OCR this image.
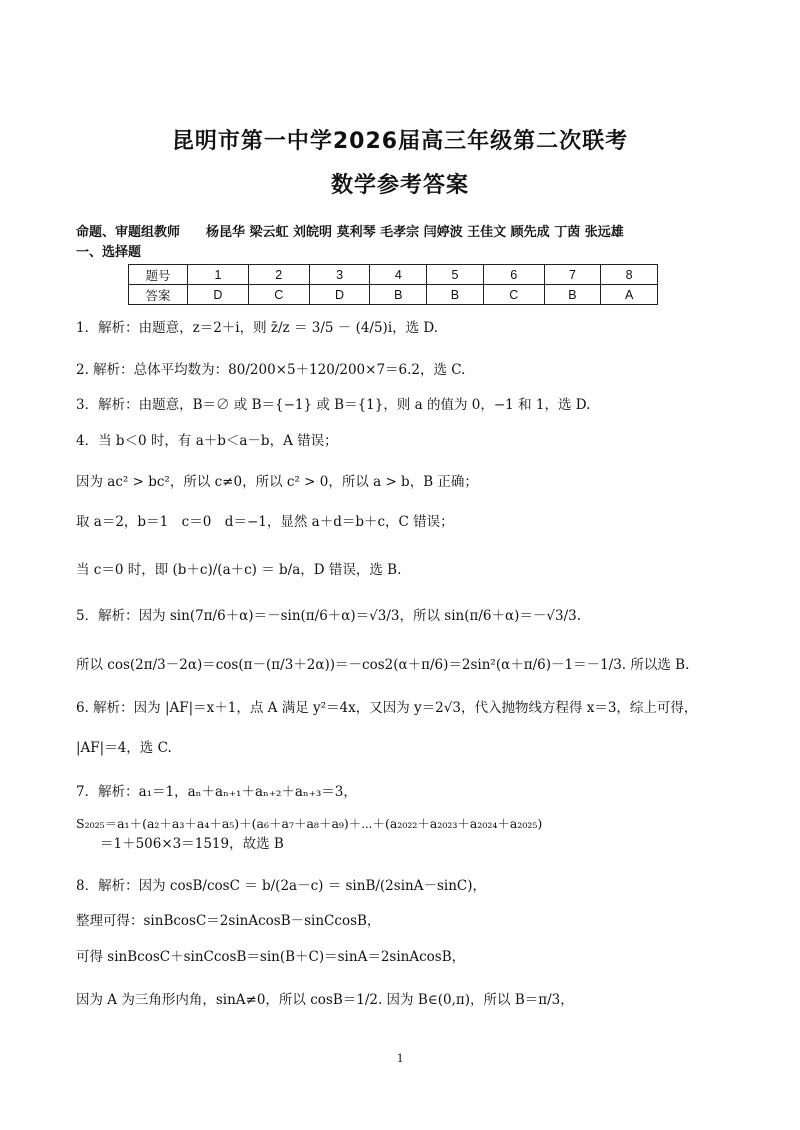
昆明市第一中学2026届高三年级第二次联考
数学参考答案
命题、审题组教师　　杨昆华 梁云虹 刘皖明 莫利琴 毛孝宗 闫婷波 王佳文 顾先成 丁茵 张远雄
一、选择题
题号	1	2	3	4	5	6	7	8
答案	D	C	D	B	B	C	B	A
1．解析：由题意，z＝2＋i，则 z̄/z ＝ 3/5 － (4/5)i，选 D.
2. 解析：总体平均数为：80/200×5＋120/200×7＝6.2，选 C.
3．解析：由题意，B＝∅ 或 B＝{−1} 或 B＝{1}，则 a 的值为 0，−1 和 1，选 D.
4．当 b＜0 时，有 a＋b＜a－b，A 错误；
因为 ac² > bc²，所以 c≠0，所以 c² > 0，所以 a > b，B 正确；
取 a＝2，b＝1　c＝0　d＝−1，显然 a＋d＝b＋c，C 错误；
当 c＝0 时，即 (b＋c)/(a＋c) ＝ b/a，D 错误，选 B.
5．解析：因为 sin(7π/6＋α)＝－sin(π/6＋α)＝√3/3，所以 sin(π/6＋α)＝－√3/3.
所以 cos(2π/3－2α)＝cos(π－(π/3＋2α))＝－cos2(α＋π/6)＝2sin²(α＋π/6)－1＝－1/3. 所以选 B.
6. 解析：因为 |AF|＝x＋1，点 A 满足 y²＝4x，又因为 y＝2√3，代入抛物线方程得 x＝3，综上可得，
|AF|＝4，选 C.
7．解析：a₁＝1，aₙ＋aₙ₊₁＋aₙ₊₂＋aₙ₊₃＝3，
S₂₀₂₅＝a₁＋(a₂＋a₃＋a₄＋a₅)＋(a₆＋a₇＋a₈＋a₉)＋⋯＋(a₂₀₂₂＋a₂₀₂₃＋a₂₀₂₄＋a₂₀₂₅)
＝1＋506×3＝1519，故选 B
8．解析：因为 cosB/cosC ＝ b/(2a－c) ＝ sinB/(2sinA－sinC)，
整理可得：sinBcosC＝2sinAcosB－sinCcosB，
可得 sinBcosC＋sinCcosB＝sin(B＋C)＝sinA＝2sinAcosB，
因为 A 为三角形内角，sinA≠0，所以 cosB＝1/2. 因为 B∈(0,π)，所以 B＝π/3，
1
